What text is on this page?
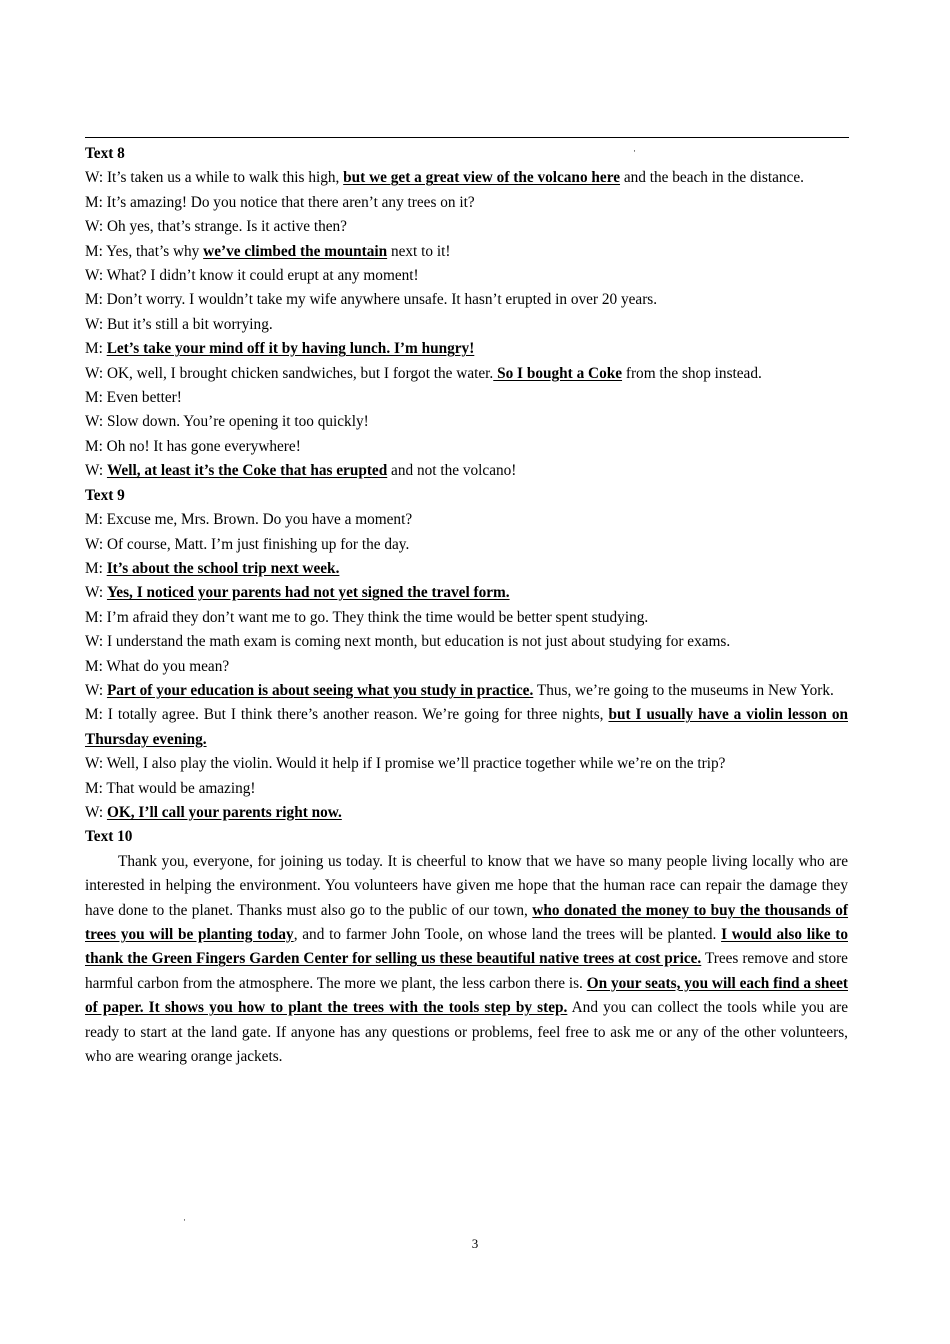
·

Text 8

W: It’s taken us a while to walk this high, but we get a great view of the volcano here and the beach in the distance.

M: It’s amazing! Do you notice that there aren’t any trees on it?

W: Oh yes, that’s strange. Is it active then?

M: Yes, that’s why we’ve climbed the mountain next to it!

W: What? I didn’t know it could erupt at any moment!

M: Don’t worry. I wouldn’t take my wife anywhere unsafe. It hasn’t erupted in over 20 years.

W: But it’s still a bit worrying.

M: Let’s take your mind off it by having lunch. I’m hungry!

W: OK, well, I brought chicken sandwiches, but I forgot the water. So I bought a Coke from the shop instead.

M: Even better!

W: Slow down. You’re opening it too quickly!

M: Oh no! It has gone everywhere!

W: Well, at least it’s the Coke that has erupted and not the volcano!

Text 9

M: Excuse me, Mrs. Brown. Do you have a moment?

W: Of course, Matt. I’m just finishing up for the day.

M: It’s about the school trip next week.

W: Yes, I noticed your parents had not yet signed the travel form.

M: I’m afraid they don’t want me to go. They think the time would be better spent studying.

W: I understand the math exam is coming next month, but education is not just about studying for exams.

M: What do you mean?

W: Part of your education is about seeing what you study in practice. Thus, we’re going to the museums in New York.

M: I totally agree. But I think there’s another reason. We’re going for three nights, but I usually have a violin lesson on Thursday evening.

W: Well, I also play the violin. Would it help if I promise we’ll practice together while we’re on the trip?

M: That would be amazing!

W: OK, I’ll call your parents right now.

Text 10

Thank you, everyone, for joining us today. It is cheerful to know that we have so many people living locally who are interested in helping the environment. You volunteers have given me hope that the human race can repair the damage they have done to the planet. Thanks must also go to the public of our town, who donated the money to buy the thousands of trees you will be planting today, and to farmer John Toole, on whose land the trees will be planted. I would also like to thank the Green Fingers Garden Center for selling us these beautiful native trees at cost price. Trees remove and store harmful carbon from the atmosphere. The more we plant, the less carbon there is. On your seats, you will each find a sheet of paper. It shows you how to plant the trees with the tools step by step. And you can collect the tools while you are ready to start at the land gate. If anyone has any questions or problems, feel free to ask me or any of the other volunteers, who are wearing orange jackets.

·
3
